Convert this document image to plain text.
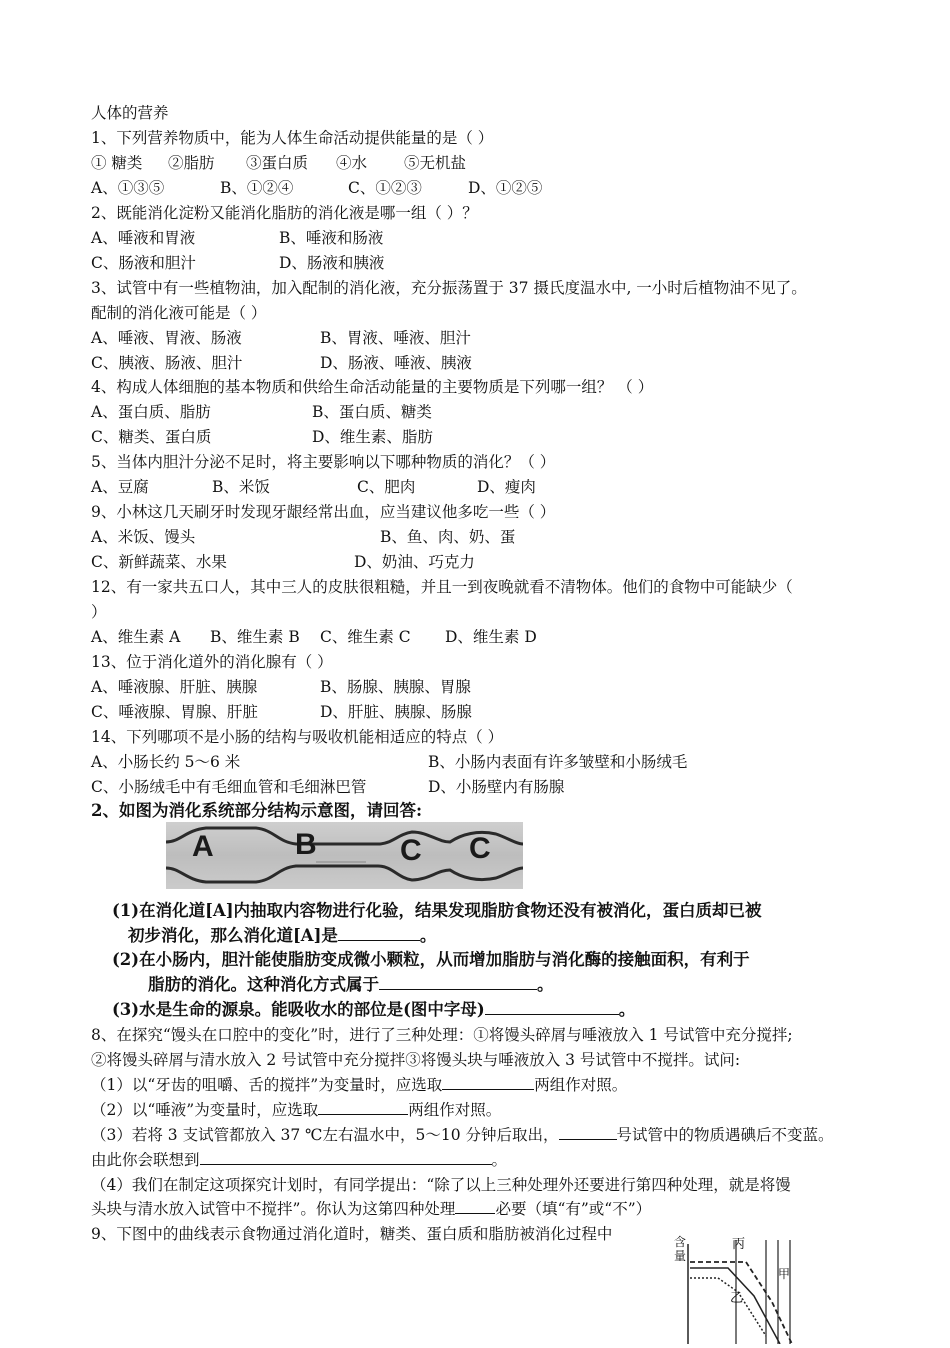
人体的营养
1、下列营养物质中，能为人体生命活动提供能量的是（ ）
① 糖类 ②脂肪 ③蛋白质 ④水 ⑤无机盐
A、①③⑤	B、①②④	C、①②③	D、①②⑤
2、既能消化淀粉又能消化脂肪的消化液是哪一组（ ）？
A、唾液和胃液	B、唾液和肠液
C、肠液和胆汁	D、肠液和胰液
3、试管中有一些植物油，加入配制的消化液，充分振荡置于 37 摄氏度温水中, 一小时后植物油不见了。
配制的消化液可能是（ ）
A、唾液、胃液、肠液	B、胃液、唾液、胆汁
C、胰液、肠液、胆汁	D、肠液、唾液、胰液
4、构成人体细胞的基本物质和供给生命活动能量的主要物质是下列哪一组？ （ ）
A、蛋白质、脂肪	B、蛋白质、糖类
C、糖类、蛋白质	D、维生素、脂肪
5、当体内胆汁分泌不足时，将主要影响以下哪种物质的消化？（ ）
A、豆腐	B、米饭	C、肥肉	D、瘦肉
9、小林这几天刷牙时发现牙龈经常出血，应当建议他多吃一些（ ）
A、米饭、馒头	B、鱼、肉、奶、蛋
C、新鲜蔬菜、水果	D、奶油、巧克力
12、有一家共五口人，其中三人的皮肤很粗糙，并且一到夜晚就看不清物体。他们的食物中可能缺少（
）
A、维生素 A B、维生素 B C、维生素 C D、维生素 D
13、位于消化道外的消化腺有（ ）
A、唾液腺、肝脏、胰腺	B、肠腺、胰腺、胃腺
C、唾液腺、胃腺、肝脏	D、肝脏、胰腺、肠腺
14、下列哪项不是小肠的结构与吸收机能相适应的特点（ ）
A、小肠长约 5～6 米	B、小肠内表面有许多皱壁和小肠绒毛
C、小肠绒毛中有毛细血管和毛细淋巴管	D、小肠壁内有肠腺
2、如图为消化系统部分结构示意图，请回答:
A	B	C C
(1)在消化道[A]内抽取内容物进行化验，结果发现脂肪食物还没有被消化，蛋白质却已被
初步消化，那么消化道[A]是	。
(2)在小肠内，胆汁能使脂肪变成微小颗粒，从而增加脂肪与消化酶的接触面积，有利于
脂肪的消化。这种消化方式属于	。
(3)水是生命的源泉。能吸收水的部位是(图中字母)	。
8、在探究“馒头在口腔中的变化”时，进行了三种处理：①将馒头碎屑与唾液放入 1 号试管中充分搅拌;
②将馒头碎屑与清水放入 2 号试管中充分搅拌③将馒头块与唾液放入 3 号试管中不搅拌。试问:
（1）以“牙齿的咀嚼、舌的搅拌”为变量时，应选取	两组作对照。
（2）以“唾液”为变量时，应选取	两组作对照。
（3）若将 3 支试管都放入 37 ℃左右温水中，5～10 分钟后取出，	号试管中的物质遇碘后不变蓝。
由此你会联想到	。
（4）我们在制定这项探究计划时，有同学提出：“除了以上三种处理外还要进行第四种处理，就是将馒
头块与清水放入试管中不搅拌”。你认为这第四种处理	必要（填“有”或“不”）
9、下图中的曲线表示食物通过消化道时，糖类、蛋白质和脂肪被消化过程中	含
量
丙
甲
乙
